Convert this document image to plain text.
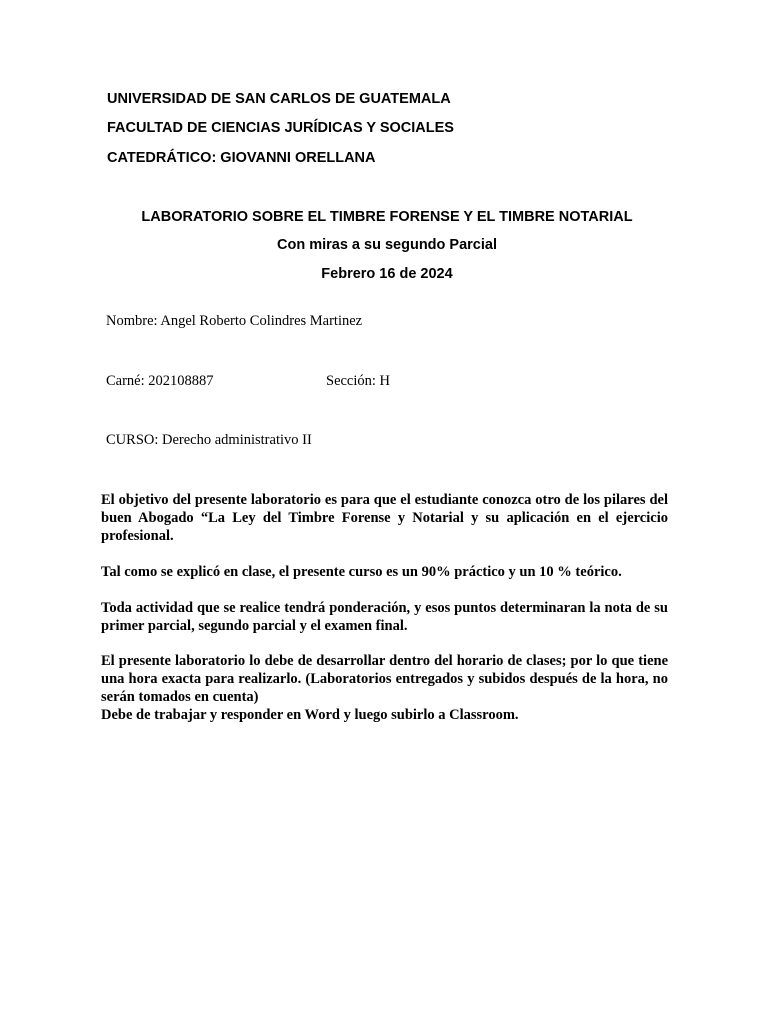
UNIVERSIDAD DE SAN CARLOS DE GUATEMALA
FACULTAD DE CIENCIAS JURÍDICAS Y SOCIALES
CATEDRÁTICO: GIOVANNI ORELLANA
LABORATORIO SOBRE EL TIMBRE FORENSE Y EL TIMBRE NOTARIAL
Con miras a su segundo Parcial
Febrero 16 de 2024
Nombre: Angel Roberto Colindres Martinez
Carné: 202108887	Sección: H
CURSO: Derecho administrativo II

El objetivo del presente laboratorio es para que el estudiante conozca otro de los pilares del buen Abogado “La Ley del Timbre Forense y Notarial y su aplicación en el ejercicio profesional.

Tal como se explicó en clase, el presente curso es un 90% práctico y un 10 % teórico.

Toda actividad que se realice tendrá ponderación, y esos puntos determinaran la nota de su primer parcial, segundo parcial y el examen final.

El presente laboratorio lo debe de desarrollar dentro del horario de clases; por lo que tiene una hora exacta para realizarlo. (Laboratorios entregados y subidos después de la hora, no serán tomados en cuenta)

Debe de trabajar y responder en Word y luego subirlo a Classroom.
